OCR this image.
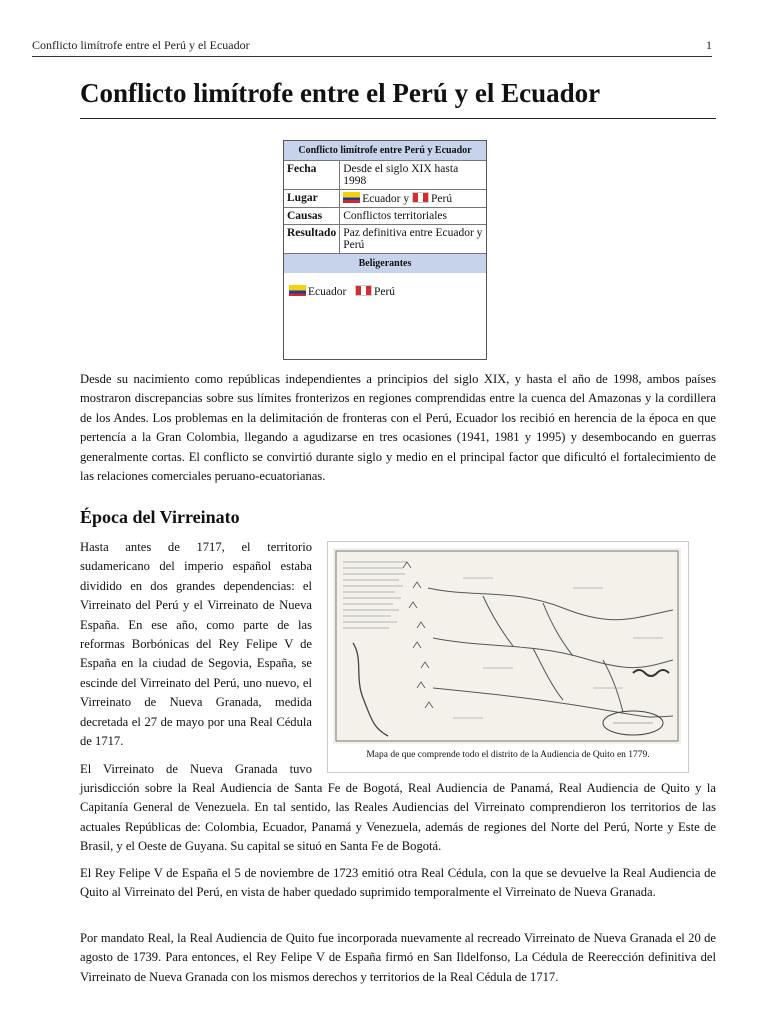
Conflicto limítrofe entre el Perú y el Ecuador	1
Conflicto limítrofe entre el Perú y el Ecuador
Conflicto limítrofe entre Perú y Ecuador	
Fecha	Desde el siglo XIX hasta 1998
Lugar	Ecuador y Perú
Causas	Conflictos territoriales
Resultado	Paz definitiva entre Ecuador y Perú
Beligerantes	
Ecuador Perú	

Desde su nacimiento como repúblicas independientes a principios del siglo XIX, y hasta el año de 1998, ambos países mostraron discrepancias sobre sus límites fronterizos en regiones comprendidas entre la cuenca del Amazonas y la cordillera de los Andes. Los problemas en la delimitación de fronteras con el Perú, Ecuador los recibió en herencia de la época en que pertencía a la Gran Colombia, llegando a agudizarse en tres ocasiones (1941, 1981 y 1995) y desembocando en guerras generalmente cortas. El conflicto se convirtió durante siglo y medio en el principal factor que dificultó el fortalecimiento de las relaciones comerciales peruano-ecuatorianas.

Época del Virreinato

Hasta antes de 1717, el territorio sudamericano del imperio español estaba dividido en dos grandes dependencias: el Virreinato del Perú y el Virreinato de Nueva España. En ese año, como parte de las reformas Borbónicas del Rey Felipe V de España en la ciudad de Segovia, España, se escinde del Virreinato del Perú, uno nuevo, el Virreinato de Nueva Granada, medida decretada el 27 de mayo por una Real Cédula de 1717.

Mapa de que comprende todo el distrito de la Audiencia de Quito en 1779.

El Virreinato de Nueva Granada tuvo

jurisdicción sobre la Real Audiencia de Santa Fe de Bogotá, Real Audiencia de Panamá, Real Audiencia de Quito y la Capitanía General de Venezuela. En tal sentido, las Reales Audiencias del Virreinato comprendieron los territorios de las actuales Repúblicas de: Colombia, Ecuador, Panamá y Venezuela, además de regiones del Norte del Perú, Norte y Este de Brasil, y el Oeste de Guyana. Su capital se situó en Santa Fe de Bogotá.

El Rey Felipe V de España el 5 de noviembre de 1723 emitió otra Real Cédula, con la que se devuelve la Real Audiencia de Quito al Virreinato del Perú, en vista de haber quedado suprimido temporalmente el Virreinato de Nueva Granada.

Por mandato Real, la Real Audiencia de Quito fue incorporada nuevamente al recreado Virreinato de Nueva Granada el 20 de agosto de 1739. Para entonces, el Rey Felipe V de España firmó en San Ildelfonso, La Cédula de Reerección definitiva del Virreinato de Nueva Granada con los mismos derechos y territorios de la Real Cédula de 1717.
